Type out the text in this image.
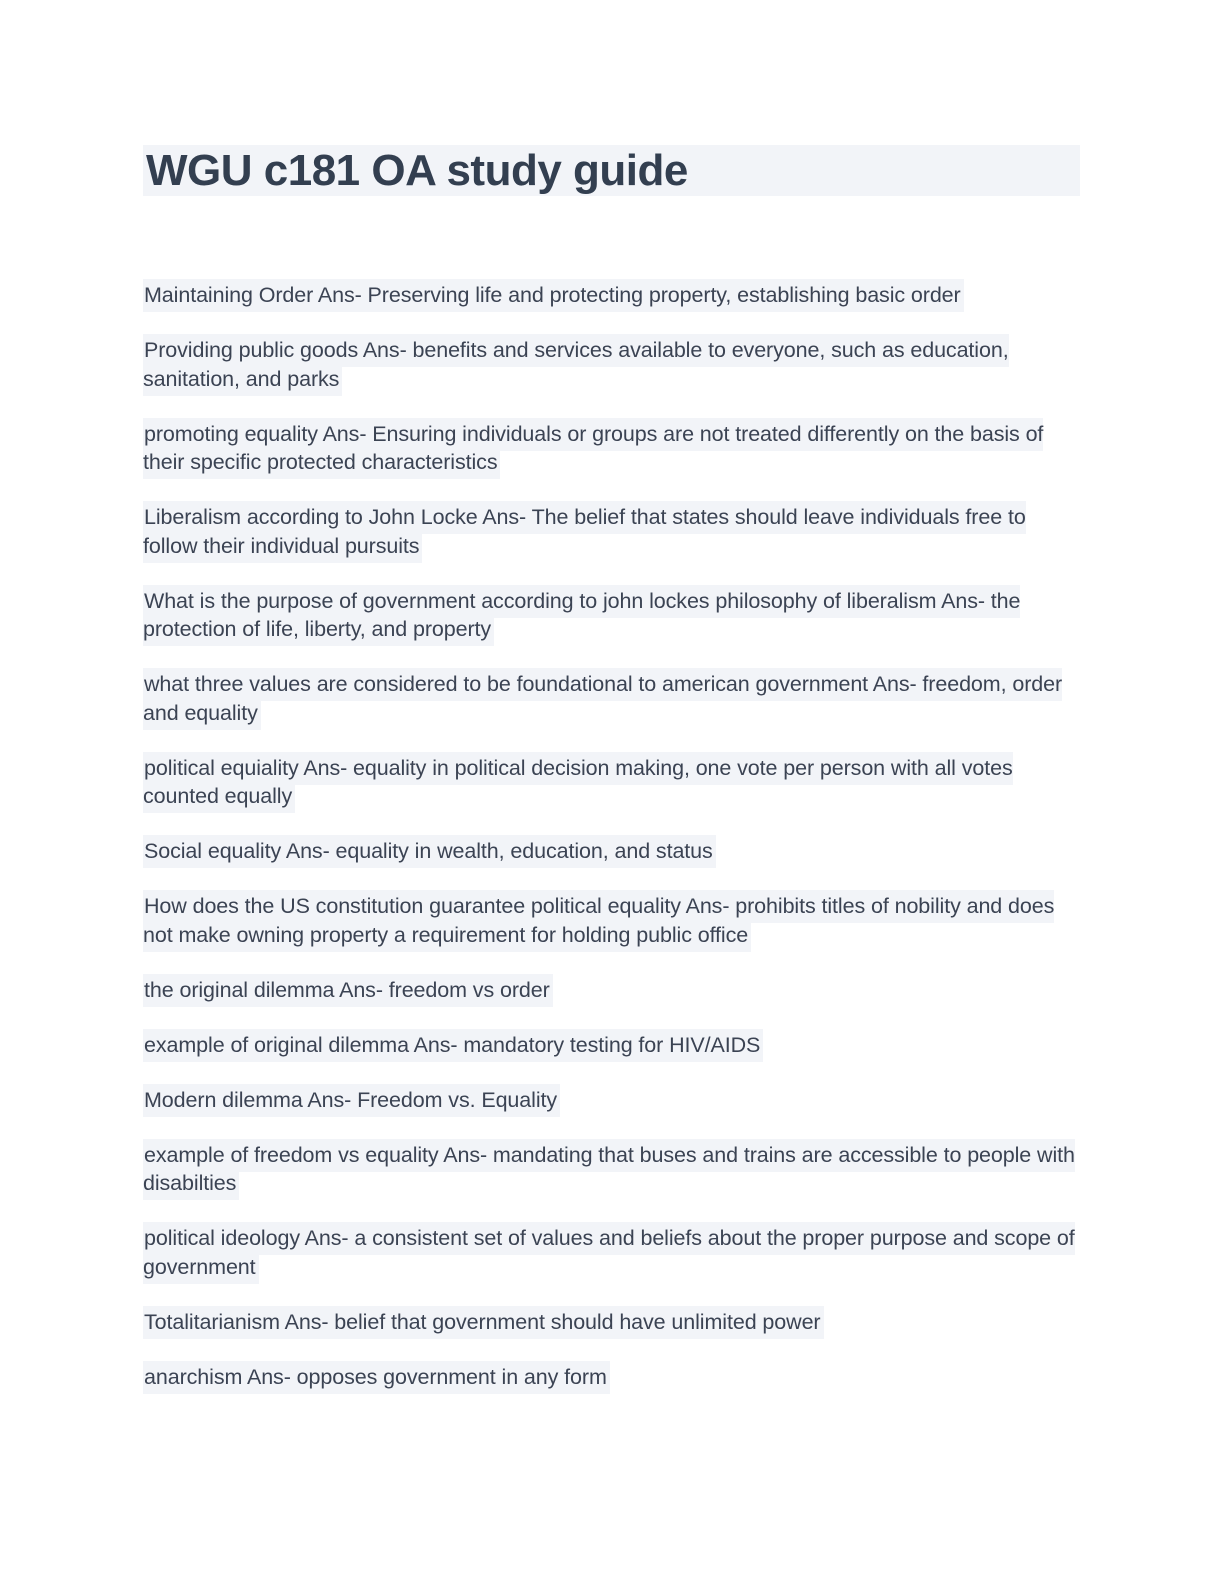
WGU c181 OA study guide

Maintaining Order Ans- Preserving life and protecting property, establishing basic order

Providing public goods Ans- benefits and services available to everyone, such as education, sanitation, and parks

promoting equality Ans- Ensuring individuals or groups are not treated differently on the basis of their specific protected characteristics

Liberalism according to John Locke Ans- The belief that states should leave individuals free to follow their individual pursuits

What is the purpose of government according to john lockes philosophy of liberalism Ans- the protection of life, liberty, and property

what three values are considered to be foundational to american government Ans- freedom, order and equality

political equiality Ans- equality in political decision making, one vote per person with all votes counted equally

Social equality Ans- equality in wealth, education, and status

How does the US constitution guarantee political equality Ans- prohibits titles of nobility and does not make owning property a requirement for holding public office

the original dilemma Ans- freedom vs order

example of original dilemma Ans- mandatory testing for HIV/AIDS

Modern dilemma Ans- Freedom vs. Equality

example of freedom vs equality Ans- mandating that buses and trains are accessible to people with disabilties

political ideology Ans- a consistent set of values and beliefs about the proper purpose and scope of government

Totalitarianism Ans- belief that government should have unlimited power

anarchism Ans- opposes government in any form
